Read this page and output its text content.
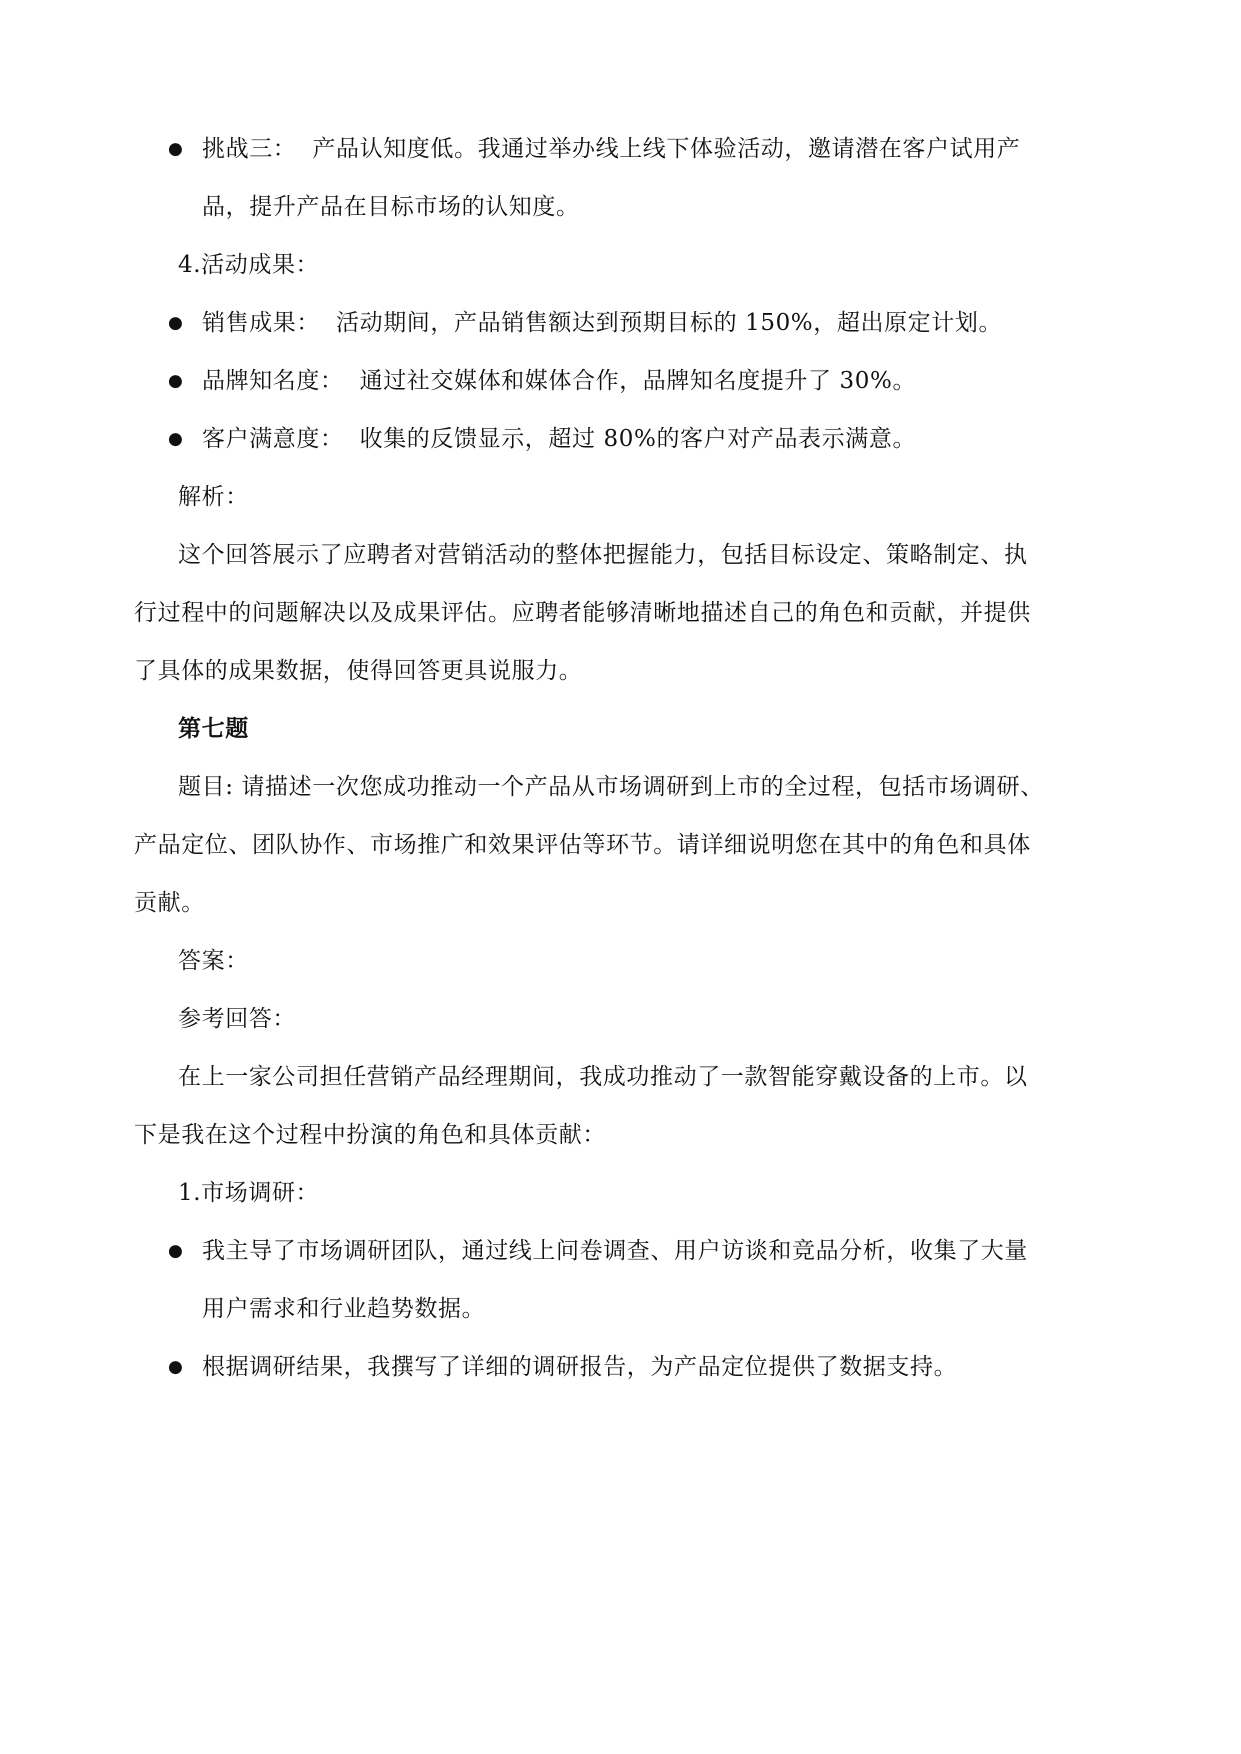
● 挑战三： 产品认知度低。我通过举办线上线下体验活动，邀请潜在客户试用产
品，提升产品在目标市场的认知度。
4.活动成果：
● 销售成果： 活动期间，产品销售额达到预期目标的 150%，超出原定计划。
● 品牌知名度： 通过社交媒体和媒体合作，品牌知名度提升了 30%。
● 客户满意度： 收集的反馈显示，超过 80%的客户对产品表示满意。
解析：
这个回答展示了应聘者对营销活动的整体把握能力，包括目标设定、策略制定、执
行过程中的问题解决以及成果评估。应聘者能够清晰地描述自己的角色和贡献，并提供
了具体的成果数据，使得回答更具说服力。
第七题
题目: 请描述一次您成功推动一个产品从市场调研到上市的全过程，包括市场调研、
产品定位、团队协作、市场推广和效果评估等环节。请详细说明您在其中的角色和具体
贡献。
答案：
参考回答：
在上一家公司担任营销产品经理期间，我成功推动了一款智能穿戴设备的上市。以
下是我在这个过程中扮演的角色和具体贡献：
1.市场调研：
● 我主导了市场调研团队，通过线上问卷调查、用户访谈和竞品分析，收集了大量
用户需求和行业趋势数据。
● 根据调研结果，我撰写了详细的调研报告，为产品定位提供了数据支持。
